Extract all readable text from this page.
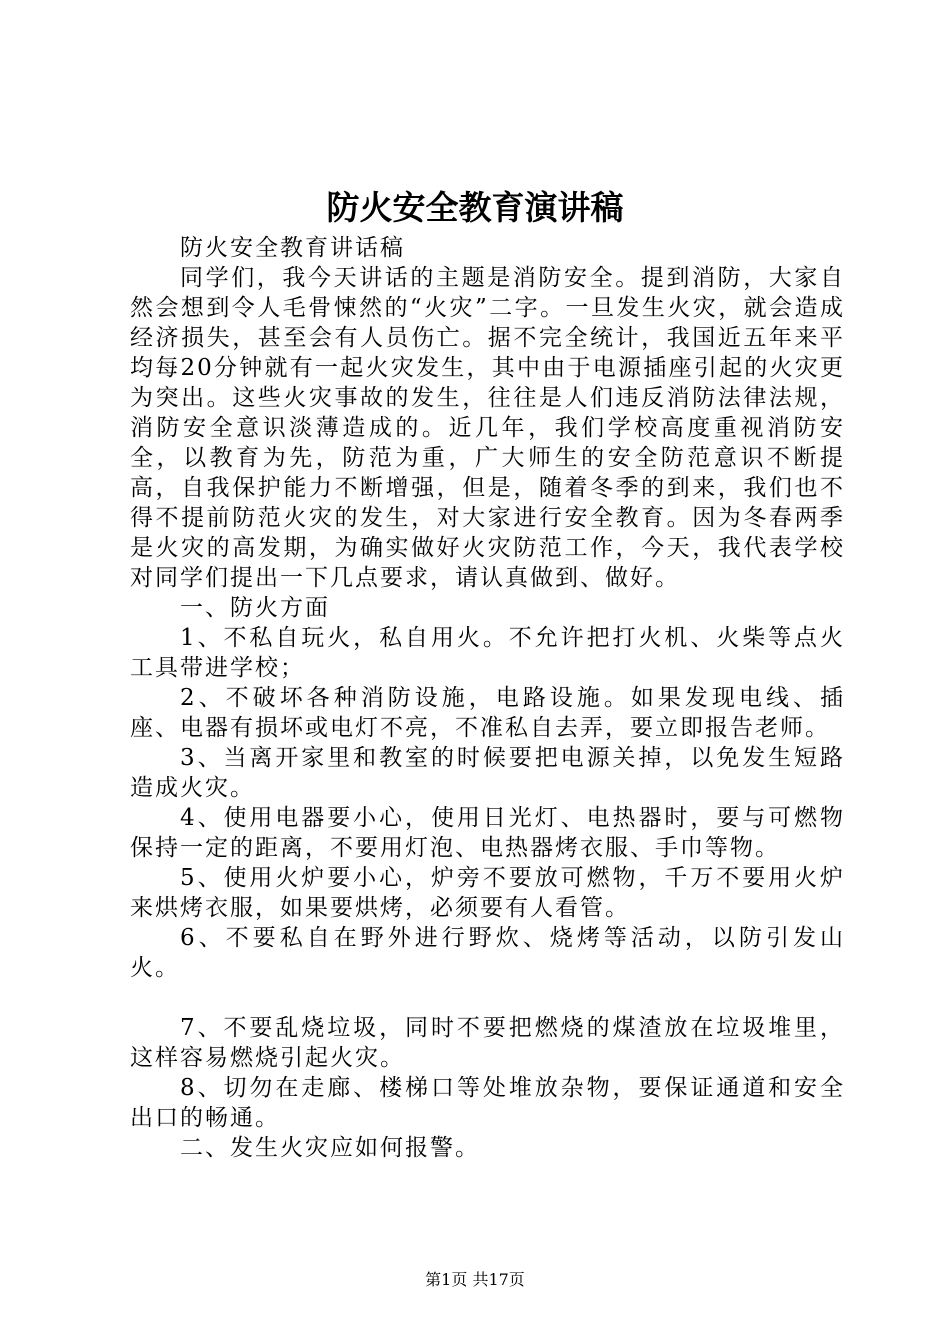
防火安全教育演讲稿

防火安全教育讲话稿

同学们，我今天讲话的主题是消防安全。提到消防，大家自然会想到令人毛骨悚然的“火灾”二字。一旦发生火灾，就会造成经济损失，甚至会有人员伤亡。据不完全统计，我国近五年来平均每20分钟就有一起火灾发生，其中由于电源插座引起的火灾更为突出。这些火灾事故的发生，往往是人们违反消防法律法规，消防安全意识淡薄造成的。近几年，我们学校高度重视消防安全，以教育为先，防范为重，广大师生的安全防范意识不断提高，自我保护能力不断增强，但是，随着冬季的到来，我们也不得不提前防范火灾的发生，对大家进行安全教育。因为冬春两季是火灾的高发期，为确实做好火灾防范工作，今天，我代表学校对同学们提出一下几点要求，请认真做到、做好。

一、防火方面

1、不私自玩火，私自用火。不允许把打火机、火柴等点火工具带进学校；

2、不破坏各种消防设施，电路设施。如果发现电线、插座、电器有损坏或电灯不亮，不准私自去弄，要立即报告老师。

3、当离开家里和教室的时候要把电源关掉，以免发生短路造成火灾。

4、使用电器要小心，使用日光灯、电热器时，要与可燃物保持一定的距离，不要用灯泡、电热器烤衣服、手巾等物。

5、使用火炉要小心，炉旁不要放可燃物，千万不要用火炉来烘烤衣服，如果要烘烤，必须要有人看管。

6、不要私自在野外进行野炊、烧烤等活动，以防引发山火。

7、不要乱烧垃圾，同时不要把燃烧的煤渣放在垃圾堆里，这样容易燃烧引起火灾。

8、切勿在走廊、楼梯口等处堆放杂物，要保证通道和安全出口的畅通。

二、发生火灾应如何报警。

第1页 共17页
